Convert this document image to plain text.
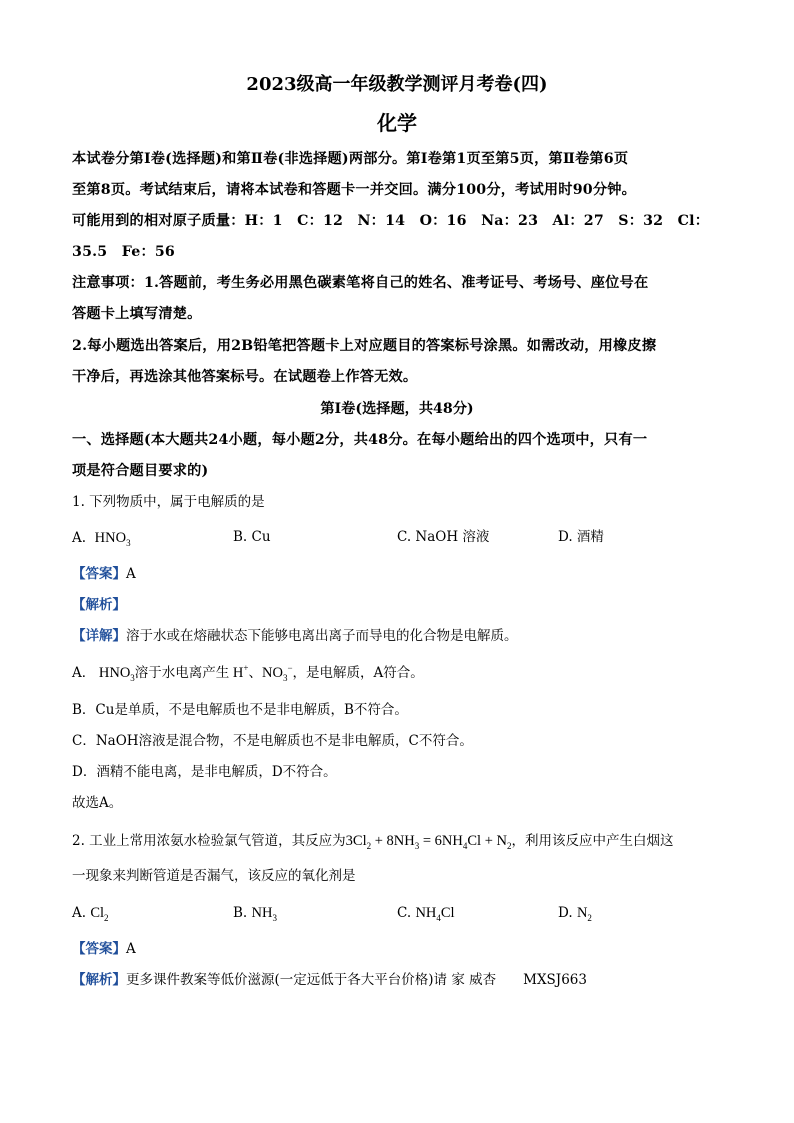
2023级高一年级教学测评月考卷(四)
化学
本试卷分第Ⅰ卷(选择题)和第Ⅱ卷(非选择题)两部分。第Ⅰ卷第1页至第5页，第Ⅱ卷第6页
至第8页。考试结束后，请将本试卷和答题卡一并交回。满分100分，考试用时90分钟。
可能用到的相对原子质量：H：1　C：12　N：14　O：16　Na：23　Al：27　S：32　Cl：
35.5　Fe：56
注意事项：1.答题前，考生务必用黑色碳素笔将自己的姓名、准考证号、考场号、座位号在
答题卡上填写清楚。
2.每小题选出答案后，用2B铅笔把答题卡上对应题目的答案标号涂黑。如需改动，用橡皮擦
干净后，再选涂其他答案标号。在试题卷上作答无效。
第Ⅰ卷(选择题，共48分)
一、选择题(本大题共24小题，每小题2分，共48分。在每小题给出的四个选项中，只有一
项是符合题目要求的)
1. 下列物质中，属于电解质的是
A. $HNO_3$	B. Cu	C. NaOH 溶液	D. 酒精
【答案】A
【解析】
【详解】溶于水或在熔融状态下能够电离出离子而导电的化合物是电解质。
A． $HNO_3$溶于水电离产生 H+、$NO_3^-$，是电解质，A符合。
B．Cu是单质，不是电解质也不是非电解质，B不符合。
C．NaOH溶液是混合物，不是电解质也不是非电解质，C不符合。
D．酒精不能电离，是非电解质，D不符合。
故选A。
2. 工业上常用浓氨水检验氯气管道，其反应为$3Cl_2 + 8NH_3 = 6NH_4Cl + N_2$，利用该反应中产生白烟这
一现象来判断管道是否漏气，该反应的氧化剂是
A. $Cl_2$	B. $NH_3$	C. $NH_4Cl$	D. $N_2$
【答案】A
【解析】更多课件教案等低价滋源(一定远低于各大平台价格)请 家 威杏　　MXSJ663
